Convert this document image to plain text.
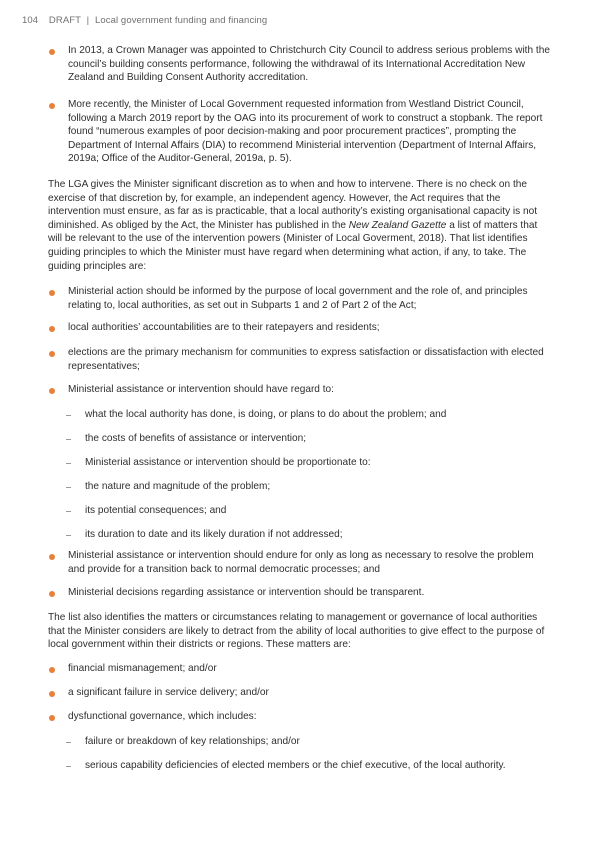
104 DRAFT | Local government funding and financing
In 2013, a Crown Manager was appointed to Christchurch City Council to address serious problems with the council’s building consents performance, following the withdrawal of its International Accreditation New Zealand and Building Consent Authority accreditation.
More recently, the Minister of Local Government requested information from Westland District Council, following a March 2019 report by the OAG into its procurement of work to construct a stopbank. The report found “numerous examples of poor decision-making and poor procurement practices”, prompting the Department of Internal Affairs (DIA) to recommend Ministerial intervention (Department of Internal Affairs, 2019a; Office of the Auditor-General, 2019a, p. 5).
The LGA gives the Minister significant discretion as to when and how to intervene. There is no check on the exercise of that discretion by, for example, an independent agency. However, the Act requires that the intervention must ensure, as far as is practicable, that a local authority’s existing organisational capacity is not diminished. As obliged by the Act, the Minister has published in the New Zealand Gazette a list of matters that will be relevant to the use of the intervention powers (Minister of Local Goverment, 2018). That list identifies guiding principles to which the Minister must have regard when determining what action, if any, to take. The guiding principles are:
Ministerial action should be informed by the purpose of local government and the role of, and principles relating to, local authorities, as set out in Subparts 1 and 2 of Part 2 of the Act;
local authorities’ accountabilities are to their ratepayers and residents;
elections are the primary mechanism for communities to express satisfaction or dissatisfaction with elected representatives;
Ministerial assistance or intervention should have regard to:
what the local authority has done, is doing, or plans to do about the problem; and
the costs of benefits of assistance or intervention;
Ministerial assistance or intervention should be proportionate to:
the nature and magnitude of the problem;
its potential consequences; and
its duration to date and its likely duration if not addressed;
Ministerial assistance or intervention should endure for only as long as necessary to resolve the problem and provide for a transition back to normal democratic processes; and
Ministerial decisions regarding assistance or intervention should be transparent.
The list also identifies the matters or circumstances relating to management or governance of local authorities that the Minister considers are likely to detract from the ability of local authorities to give effect to the purpose of local government within their districts or regions. These matters are:
financial mismanagement; and/or
a significant failure in service delivery; and/or
dysfunctional governance, which includes:
failure or breakdown of key relationships; and/or
serious capability deficiencies of elected members or the chief executive, of the local authority.
